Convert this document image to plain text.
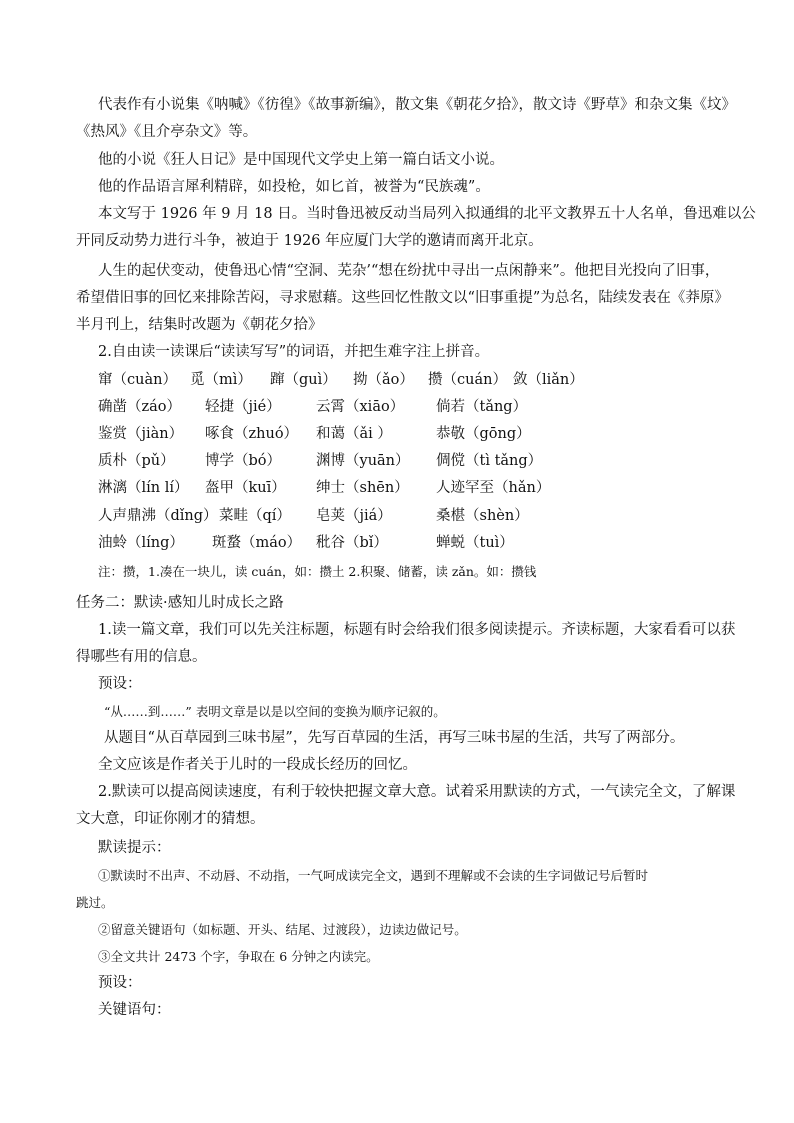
代表作有小说集《呐喊》《彷徨》《故事新编》，散文集《朝花夕拾》，散文诗《野草》和杂文集《坟》
《热风》《且介亭杂文》等。
他的小说《狂人日记》是中国现代文学史上第一篇白话文小说。
他的作品语言犀利精辟，如投枪，如匕首，被誉为“民族魂”。
本文写于 1926 年 9 月 18 日。当时鲁迅被反动当局列入拟通缉的北平文教界五十人名单，鲁迅难以公
开同反动势力进行斗争，被迫于 1926 年应厦门大学的邀请而离开北京。
人生的起伏变动，使鲁迅心情“空洞、芜杂’“想在纷扰中寻出一点闲静来”。他把目光投向了旧事，
希望借旧事的回忆来排除苦闷，寻求慰藉。这些回忆性散文以“旧事重提”为总名，陆续发表在《莽原》
半月刊上，结集时改题为《朝花夕拾》
2.自由读一读课后“读读写写”的词语，并把生难字注上拼音。
窜（cuàn） 觅（mì） 蹿（guì） 拗（ǎo） 攒（cuán） 敛（liǎn）
确凿（záo） 轻捷（jié） 云霄（xiāo） 倘若（tǎng）
鉴赏（jiàn） 啄食（zhuó） 和蔼（ǎi ）	恭敬（gōng）
质朴（pǔ） 博学（bó） 渊博（yuān） 倜傥（tì tǎng）
淋漓（lín lí） 盔甲（kuī） 绅士（shēn） 人迹罕至（hǎn）
人声鼎沸（dǐng） 菜畦（qí） 皂荚（jiá）	桑椹（shèn）
油蛉（líng） 斑蝥（máo） 秕谷（bǐ）	蝉蜕（tuì）
注：攒，1.凑在一块儿，读 cuán，如：攒土 2.积聚、储蓄，读 zǎn。如：攒钱
任务二：默读·感知儿时成长之路
1.读一篇文章，我们可以先关注标题，标题有时会给我们很多阅读提示。齐读标题，大家看看可以获
得哪些有用的信息。
预设：
“从……到……” 表明文章是以是以空间的变换为顺序记叙的。
从题目“从百草园到三味书屋”，先写百草园的生活，再写三味书屋的生活，共写了两部分。
全文应该是作者关于儿时的一段成长经历的回忆。
2.默读可以提高阅读速度，有利于较快把握文章大意。试着采用默读的方式，一气读完全文，了解课
文大意，印证你刚才的猜想。
默读提示：
①默读时不出声、不动唇、不动指，一气呵成读完全文，遇到不理解或不会读的生字词做记号后暂时
跳过。
②留意关键语句（如标题、开头、结尾、过渡段），边读边做记号。
③全文共计 2473 个字，争取在 6 分钟之内读完。
预设：
关键语句：
